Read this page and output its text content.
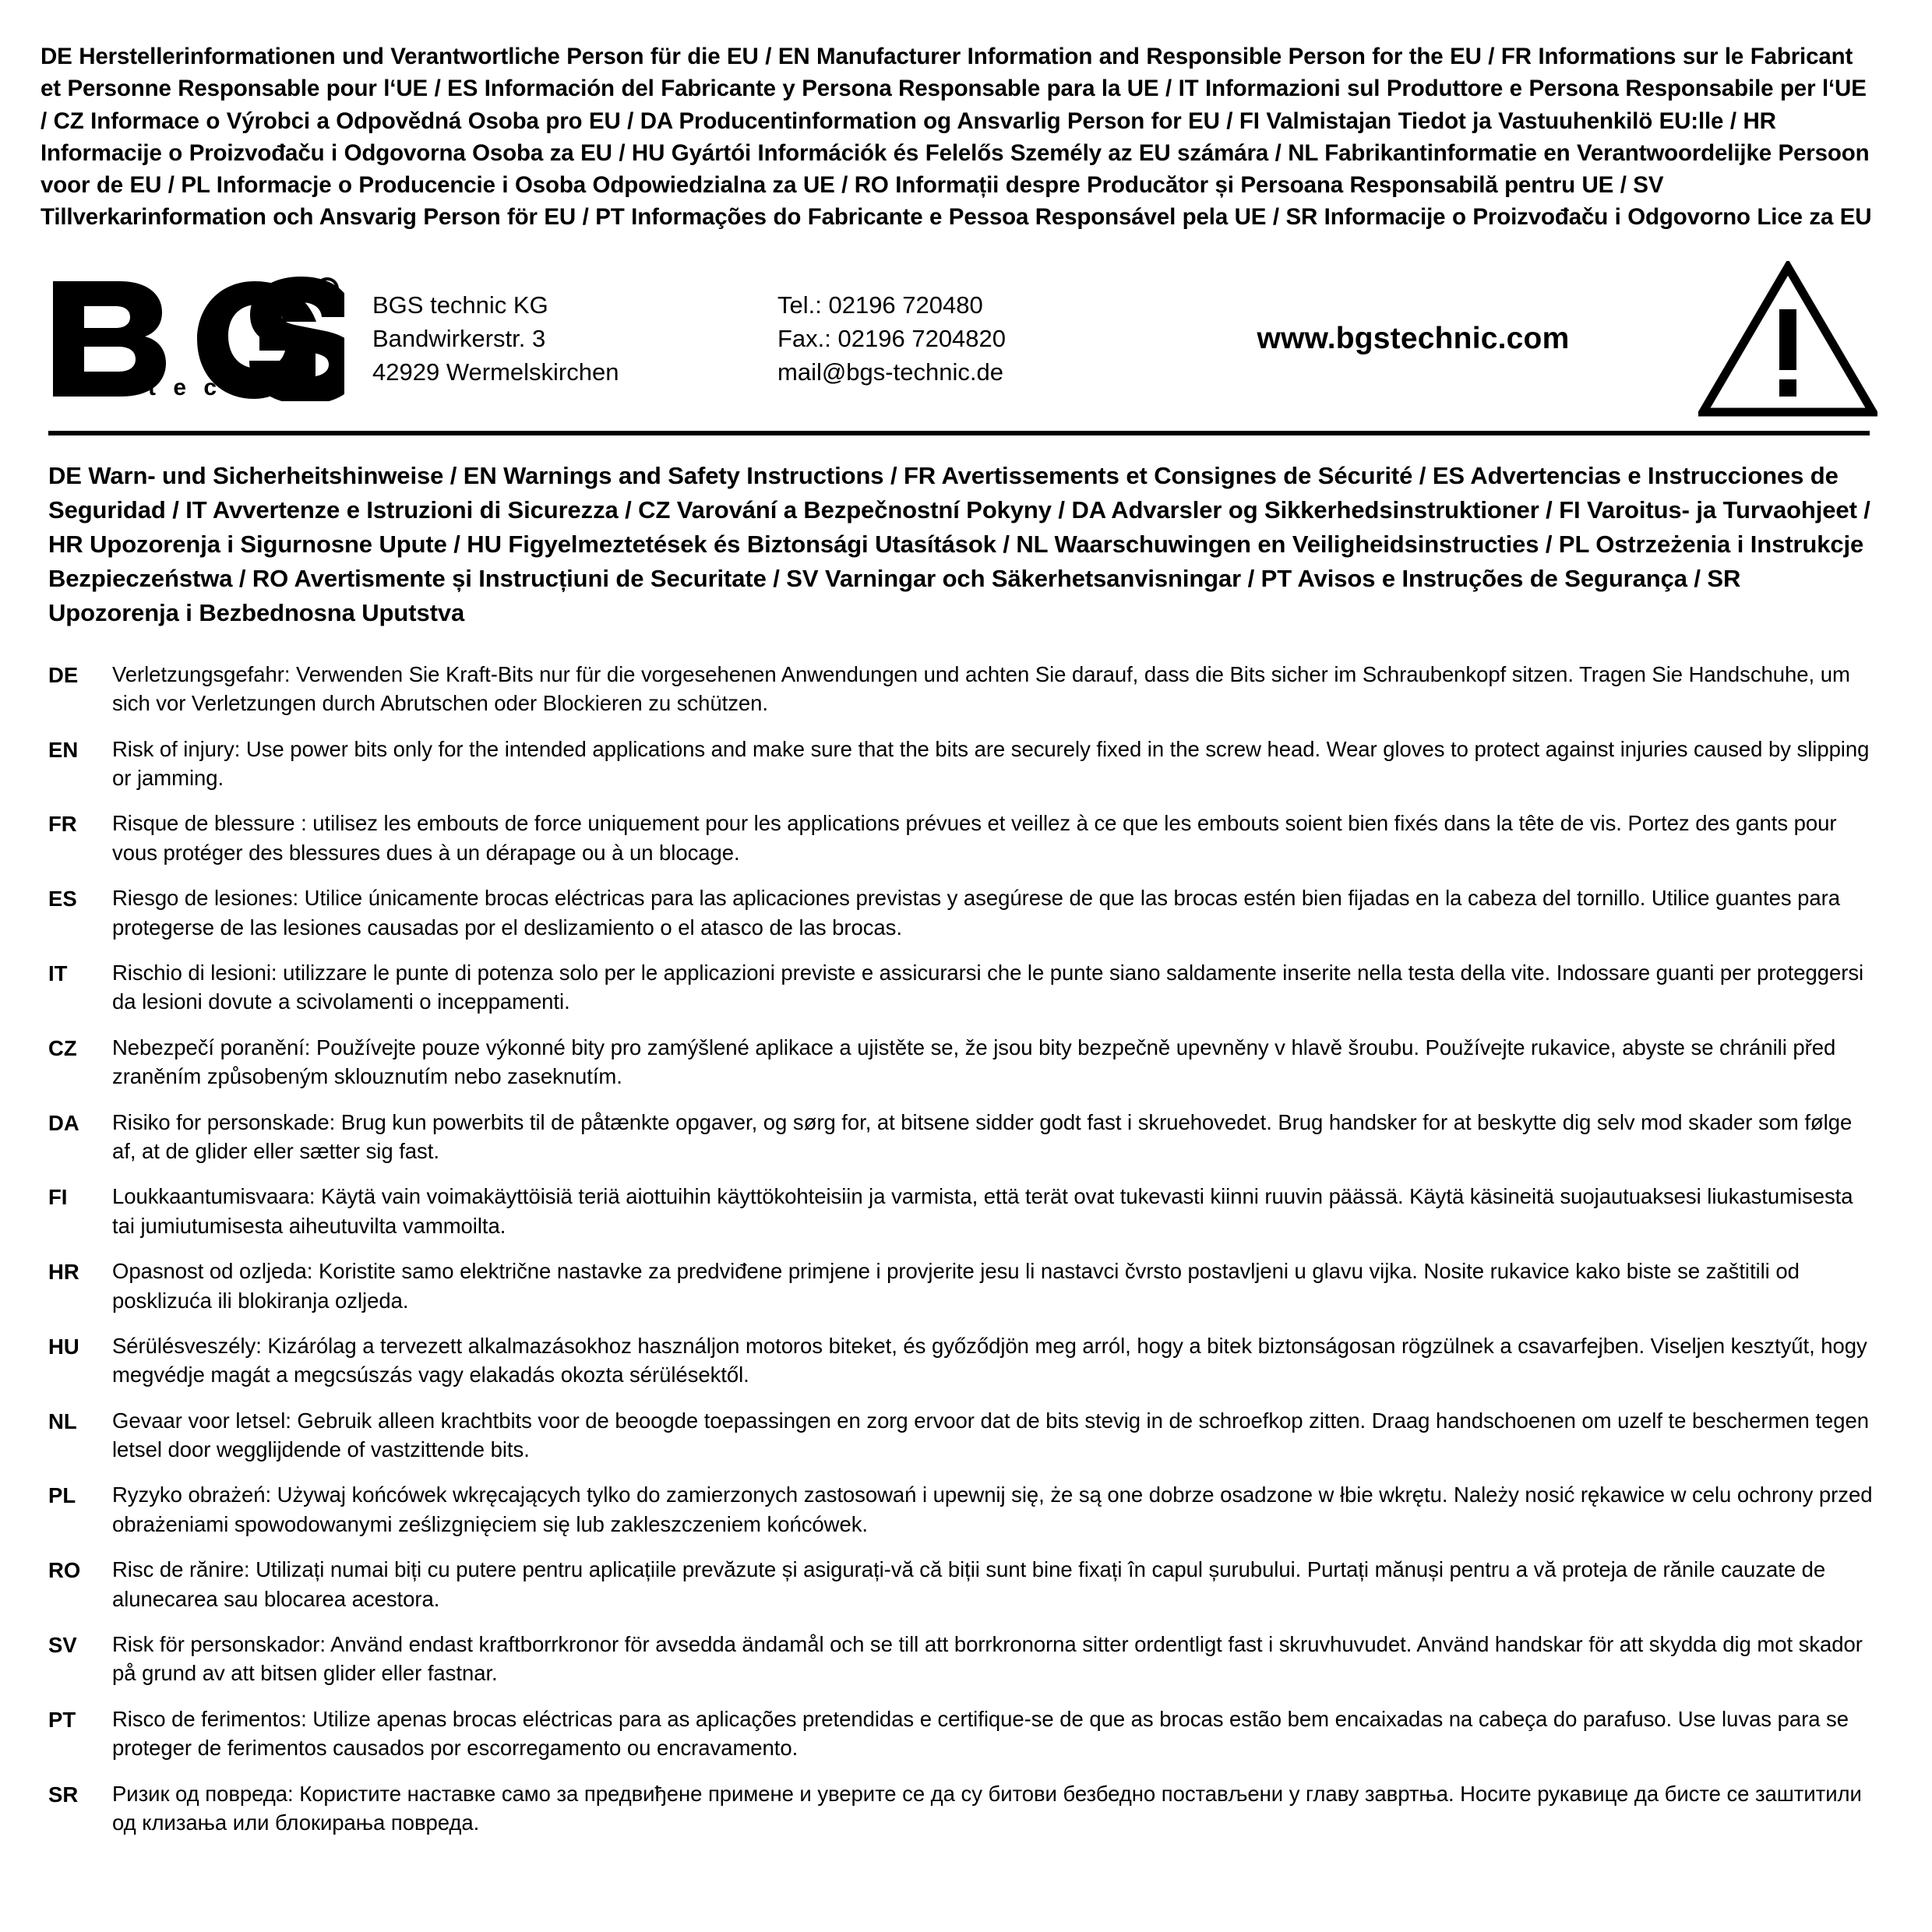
DE Herstellerinformationen und Verantwortliche Person für die EU / EN Manufacturer Information and Responsible Person for the EU / FR Informations sur le Fabricant et Personne Responsable pour l‘UE / ES Información del Fabricante y Persona Responsable para la UE / IT Informazioni sul Produttore e Persona Responsabile per l‘UE / CZ Informace o Výrobci a Odpovědná Osoba pro EU / DA Producentinformation og Ansvarlig Person for EU / FI Valmistajan Tiedot ja Vastuuhenkilö EU:lle / HR Informacije o Proizvođaču i Odgovorna Osoba za EU / HU Gyártói Információk és Felelős Személy az EU számára / NL Fabrikantinformatie en Verantwoordelijke Persoon voor de EU / PL Informacje o Producencie i Osoba Odpowiedzialna za UE / RO Informații despre Producător și Persoana Responsabilă pentru UE / SV Tillverkarinformation och Ansvarig Person för EU / PT Informações do Fabricante e Pessoa Responsável pela UE / SR Informacije o Proizvođaču i Odgovorno Lice za EU
R
t e c h n i c
BGS technic KG
Bandwirkerstr. 3
42929 Wermelskirchen
Tel.: 02196 720480
Fax.: 02196 7204820
mail@bgs-technic.de
www.bgstechnic.com
DE Warn- und Sicherheitshinweise / EN Warnings and Safety Instructions / FR Avertissements et Consignes de Sécurité / ES Advertencias e Instrucciones de Seguridad / IT Avvertenze e Istruzioni di Sicurezza / CZ Varování a Bezpečnostní Pokyny / DA Advarsler og Sikkerhedsinstruktioner / FI Varoitus- ja Turvaohjeet / HR Upozorenja i Sigurnosne Upute / HU Figyelmeztetések és Biztonsági Utasítások / NL Waarschuwingen en Veiligheidsinstructies / PL Ostrzeżenia i Instrukcje Bezpieczeństwa / RO Avertismente și Instrucțiuni de Securitate / SV Varningar och Säkerhetsanvisningar / PT Avisos e Instruções de Segurança / SR Upozorenja i Bezbednosna Uputstva
DE	Verletzungsgefahr: Verwenden Sie Kraft-Bits nur für die vorgesehenen Anwendungen und achten Sie darauf, dass die Bits sicher im Schraubenkopf sitzen. Tragen Sie Handschuhe, um sich vor Verletzungen durch Abrutschen oder Blockieren zu schützen.
EN	Risk of injury: Use power bits only for the intended applications and make sure that the bits are securely fixed in the screw head. Wear gloves to protect against injuries caused by slipping or jamming.
FR	Risque de blessure : utilisez les embouts de force uniquement pour les applications prévues et veillez à ce que les embouts soient bien fixés dans la tête de vis. Portez des gants pour vous protéger des blessures dues à un dérapage ou à un blocage.
ES	Riesgo de lesiones: Utilice únicamente brocas eléctricas para las aplicaciones previstas y asegúrese de que las brocas estén bien fijadas en la cabeza del tornillo. Utilice guantes para protegerse de las lesiones causadas por el deslizamiento o el atasco de las brocas.
IT	Rischio di lesioni: utilizzare le punte di potenza solo per le applicazioni previste e assicurarsi che le punte siano saldamente inserite nella testa della vite. Indossare guanti per proteggersi da lesioni dovute a scivolamenti o inceppamenti.
CZ	Nebezpečí poranění: Používejte pouze výkonné bity pro zamýšlené aplikace a ujistěte se, že jsou bity bezpečně upevněny v hlavě šroubu. Používejte rukavice, abyste se chránili před zraněním způsobeným sklouznutím nebo zaseknutím.
DA	Risiko for personskade: Brug kun powerbits til de påtænkte opgaver, og sørg for, at bitsene sidder godt fast i skruehovedet. Brug handsker for at beskytte dig selv mod skader som følge af, at de glider eller sætter sig fast.
FI	Loukkaantumisvaara: Käytä vain voimakäyttöisiä teriä aiottuihin käyttökohteisiin ja varmista, että terät ovat tukevasti kiinni ruuvin päässä. Käytä käsineitä suojautuaksesi liukastumisesta tai jumiutumisesta aiheutuvilta vammoilta.
HR	Opasnost od ozljeda: Koristite samo električne nastavke za predviđene primjene i provjerite jesu li nastavci čvrsto postavljeni u glavu vijka. Nosite rukavice kako biste se zaštitili od posklizuća ili blokiranja ozljeda.
HU	Sérülésveszély: Kizárólag a tervezett alkalmazásokhoz használjon motoros biteket, és győződjön meg arról, hogy a bitek biztonságosan rögzülnek a csavarfejben. Viseljen kesztyűt, hogy megvédje magát a megcsúszás vagy elakadás okozta sérülésektől.
NL	Gevaar voor letsel: Gebruik alleen krachtbits voor de beoogde toepassingen en zorg ervoor dat de bits stevig in de schroefkop zitten. Draag handschoenen om uzelf te beschermen tegen letsel door wegglijdende of vastzittende bits.
PL	Ryzyko obrażeń: Używaj końcówek wkręcających tylko do zamierzonych zastosowań i upewnij się, że są one dobrze osadzone w łbie wkrętu. Należy nosić rękawice w celu ochrony przed obrażeniami spowodowanymi ześlizgnięciem się lub zakleszczeniem końcówek.
RO	Risc de rănire: Utilizați numai biți cu putere pentru aplicațiile prevăzute și asigurați-vă că biții sunt bine fixați în capul șurubului. Purtați mănuși pentru a vă proteja de rănile cauzate de alunecarea sau blocarea acestora.
SV	Risk för personskador: Använd endast kraftborrkronor för avsedda ändamål och se till att borrkronorna sitter ordentligt fast i skruvhuvudet. Använd handskar för att skydda dig mot skador på grund av att bitsen glider eller fastnar.
PT	Risco de ferimentos: Utilize apenas brocas eléctricas para as aplicações pretendidas e certifique-se de que as brocas estão bem encaixadas na cabeça do parafuso. Use luvas para se proteger de ferimentos causados por escorregamento ou encravamento.
SR	Ризик од повреда: Користите наставке само за предвиђене примене и уверите се да су битови безбедно постављени у главу завртња. Носите рукавице да бисте се заштитили од клизања или блокирања повреда.
